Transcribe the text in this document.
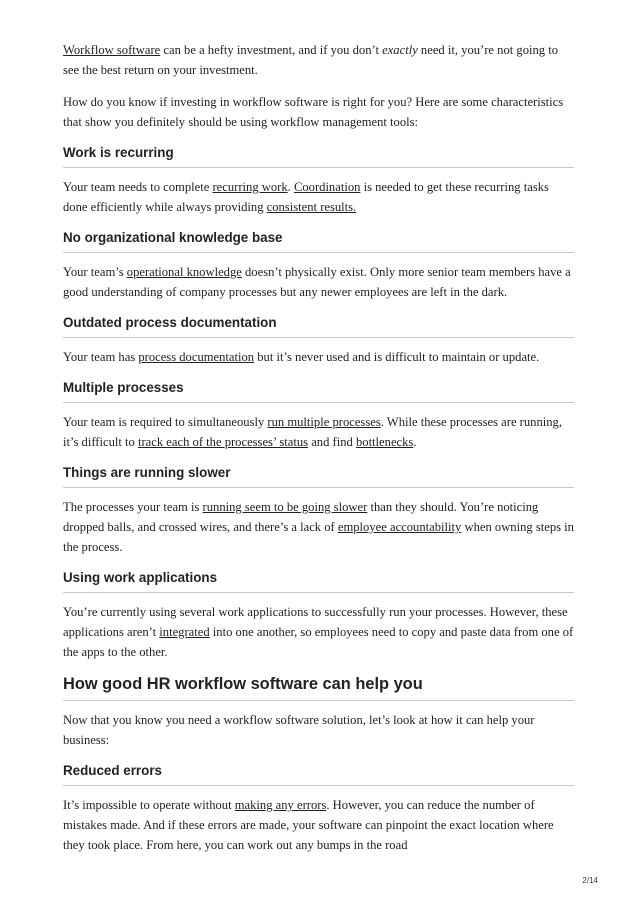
Workflow software can be a hefty investment, and if you don’t exactly need it, you’re not going to see the best return on your investment.

How do you know if investing in workflow software is right for you? Here are some characteristics that show you definitely should be using workflow management tools:

Work is recurring

Your team needs to complete recurring work. Coordination is needed to get these recurring tasks done efficiently while always providing consistent results.

No organizational knowledge base

Your team’s operational knowledge doesn’t physically exist. Only more senior team members have a good understanding of company processes but any newer employees are left in the dark.

Outdated process documentation

Your team has process documentation but it’s never used and is difficult to maintain or update.

Multiple processes

Your team is required to simultaneously run multiple processes. While these processes are running, it’s difficult to track each of the processes’ status and find bottlenecks.

Things are running slower

The processes your team is running seem to be going slower than they should. You’re noticing dropped balls, and crossed wires, and there’s a lack of employee accountability when owning steps in the process.

Using work applications

You’re currently using several work applications to successfully run your processes. However, these applications aren’t integrated into one another, so employees need to copy and paste data from one of the apps to the other.

How good HR workflow software can help you

Now that you know you need a workflow software solution, let’s look at how it can help your business:

Reduced errors

It’s impossible to operate without making any errors. However, you can reduce the number of mistakes made. And if these errors are made, your software can pinpoint the exact location where they took place. From here, you can work out any bumps in the road

2/14
